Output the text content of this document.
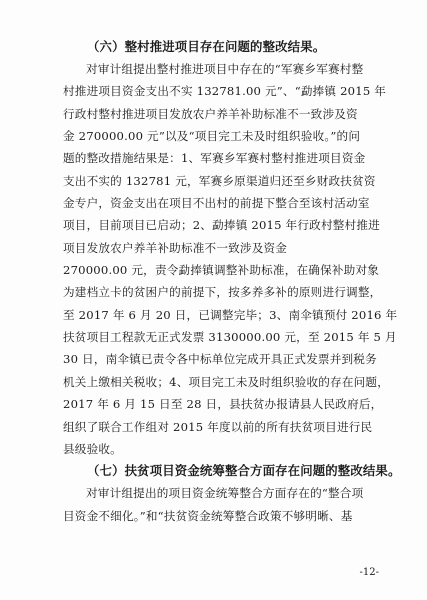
（六）整村推进项目存在问题的整改结果。
对审计组提出整村推进项目中存在的“军赛乡军赛村整
村推进项目资金支出不实 132781.00 元”、“勐捧镇 2015 年
行政村整村推进项目发放农户养羊补助标准不一致涉及资
金 270000.00 元”以及“项目完工未及时组织验收。”的问
题的整改措施结果是：1、军赛乡军赛村整村推进项目资金
支出不实的 132781 元，军赛乡原渠道归还至乡财政扶贫资
金专户，资金支出在项目不出村的前提下整合至该村活动室
项目，目前项目已启动；2、勐捧镇 2015 年行政村整村推进
项目发放农户养羊补助标准不一致涉及资金
270000.00 元，责令勐捧镇调整补助标准，在确保补助对象
为建档立卡的贫困户的前提下，按多养多补的原则进行调整，
至 2017 年 6 月 20 日，已调整完毕；3、南伞镇预付 2016 年
扶贫项目工程款无正式发票 3130000.00 元，至 2015 年 5 月
30 日，南伞镇已责令各中标单位完成开具正式发票并到税务
机关上缴相关税收；4、项目完工未及时组织验收的存在问题，
2017 年 6 月 15 日至 28 日，县扶贫办报请县人民政府后，
组织了联合工作组对 2015 年度以前的所有扶贫项目进行民
县级验收。
（七）扶贫项目资金统筹整合方面存在问题的整改结果。
对审计组提出的项目资金统筹整合方面存在的“整合项
目资金不细化。”和“扶贫资金统筹整合政策不够明晰、基
-12-
